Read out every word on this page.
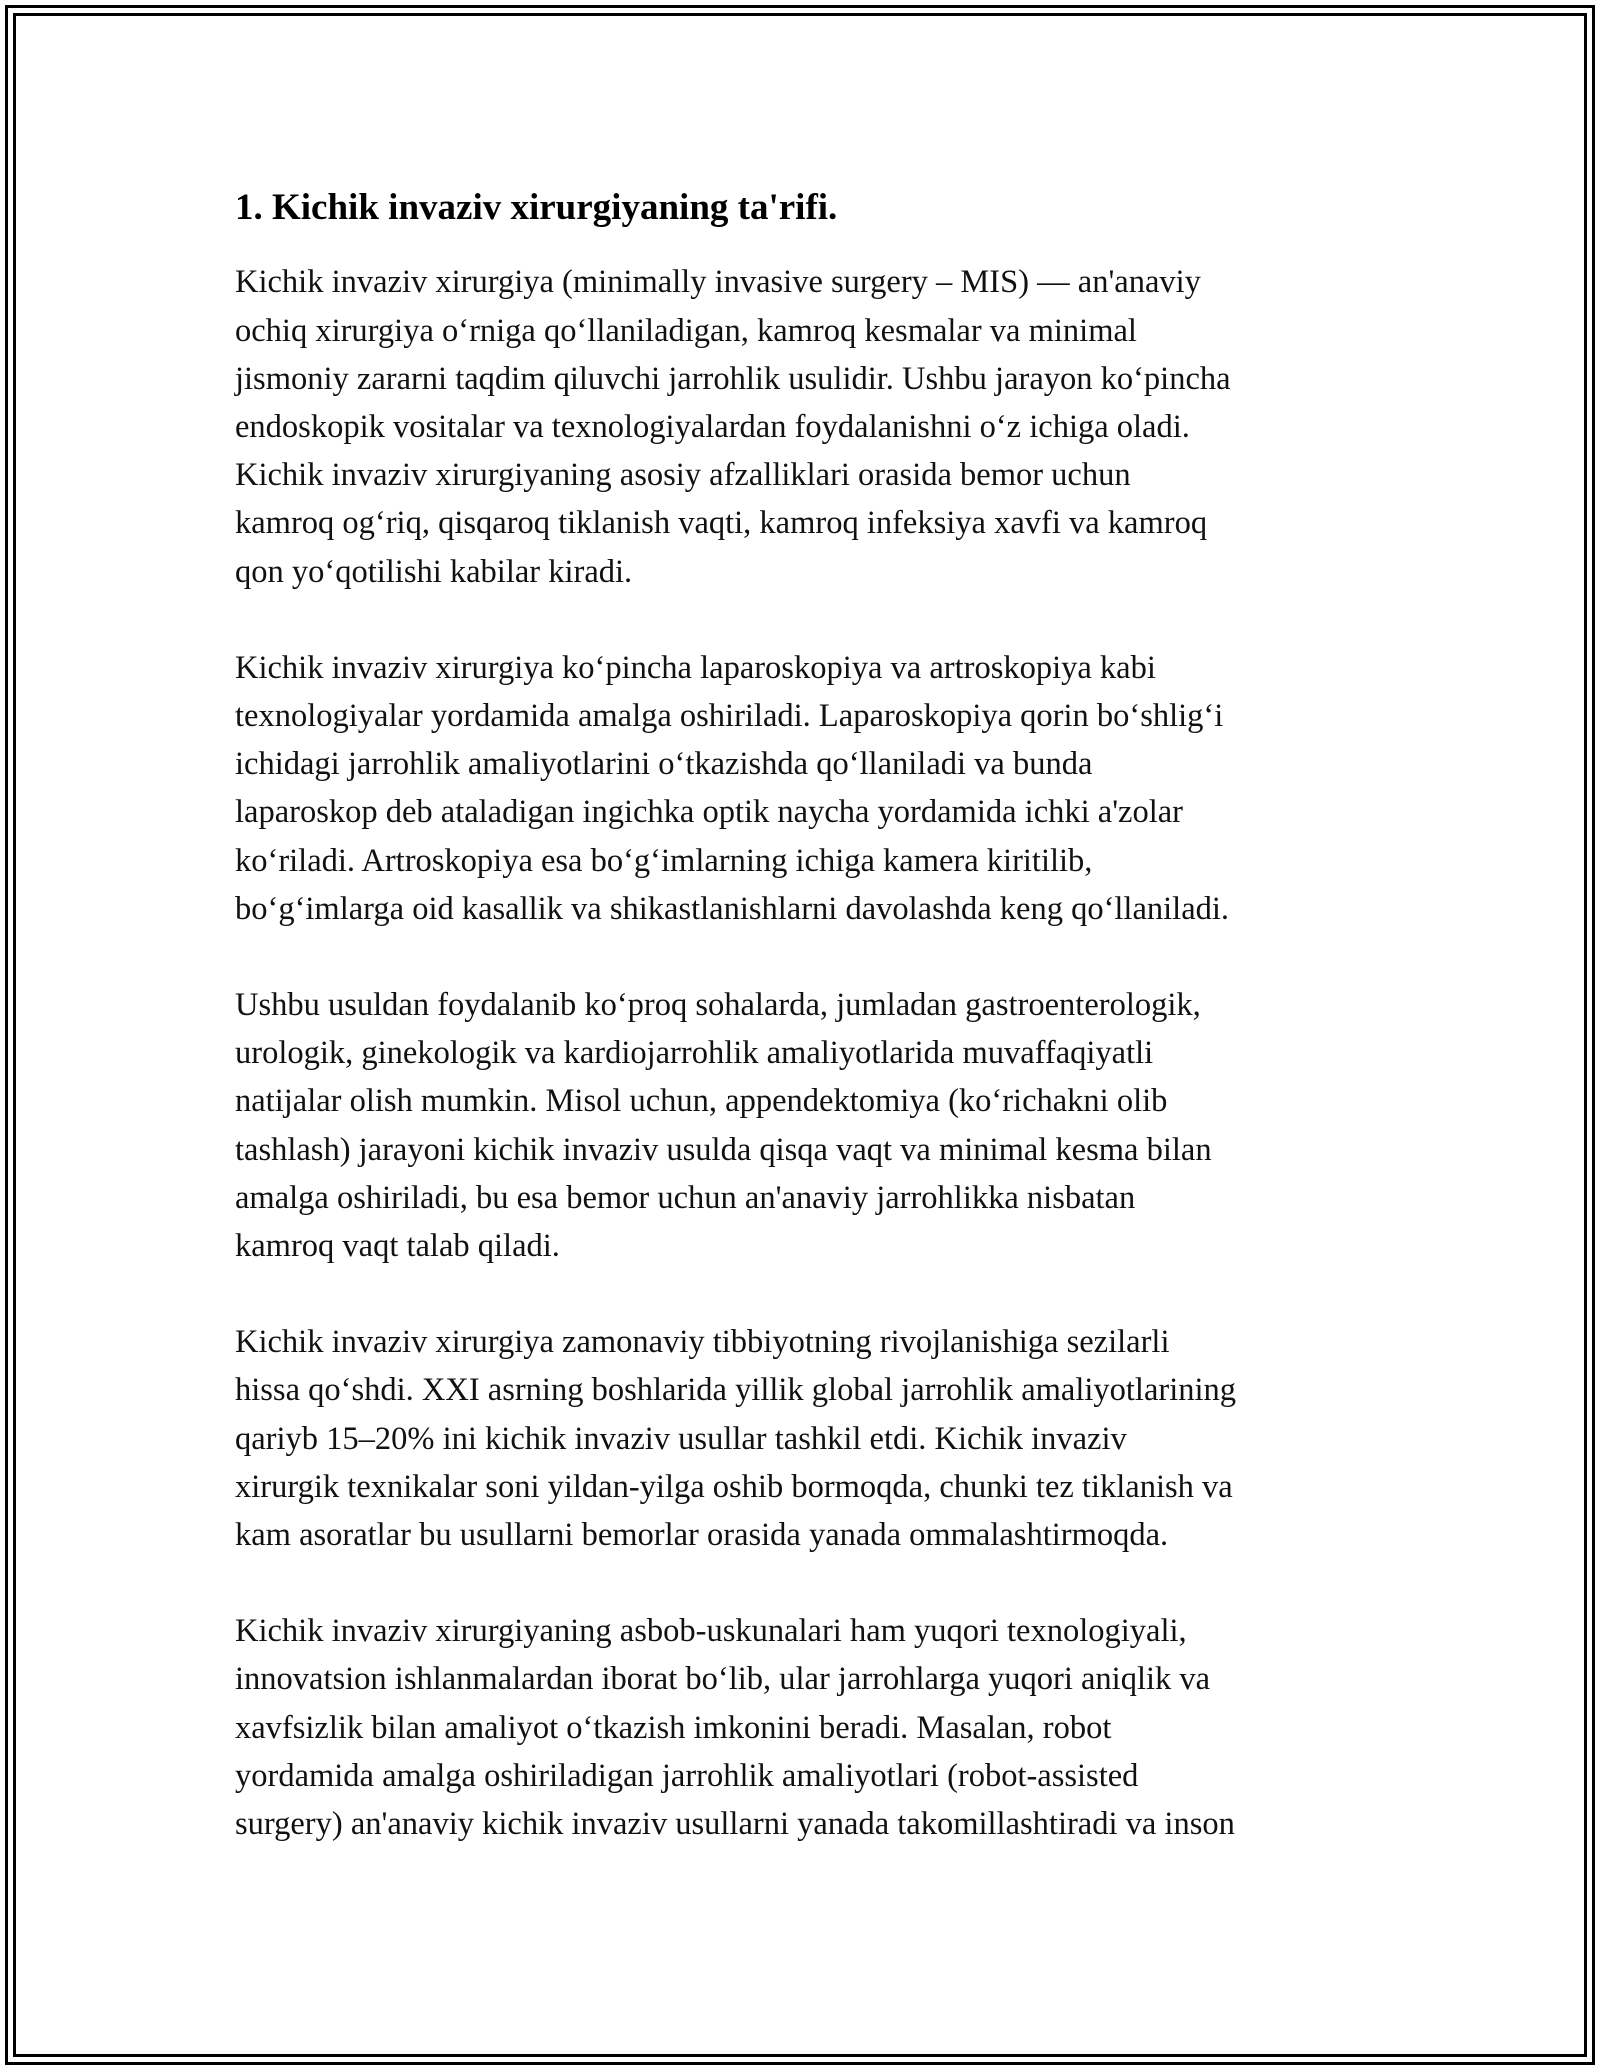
1. Kichik invaziv xirurgiyaning ta'rifi.
Kichik invaziv xirurgiya (minimally invasive surgery – MIS) — an'anaviy
ochiq xirurgiya oʻrniga qoʻllaniladigan, kamroq kesmalar va minimal
jismoniy zararni taqdim qiluvchi jarrohlik usulidir. Ushbu jarayon koʻpincha
endoskopik vositalar va texnologiyalardan foydalanishni oʻz ichiga oladi.
Kichik invaziv xirurgiyaning asosiy afzalliklari orasida bemor uchun
kamroq ogʻriq, qisqaroq tiklanish vaqti, kamroq infeksiya xavfi va kamroq
qon yoʻqotilishi kabilar kiradi.
Kichik invaziv xirurgiya koʻpincha laparoskopiya va artroskopiya kabi
texnologiyalar yordamida amalga oshiriladi. Laparoskopiya qorin boʻshligʻi
ichidagi jarrohlik amaliyotlarini oʻtkazishda qoʻllaniladi va bunda
laparoskop deb ataladigan ingichka optik naycha yordamida ichki a'zolar
koʻriladi. Artroskopiya esa boʻgʻimlarning ichiga kamera kiritilib,
boʻgʻimlarga oid kasallik va shikastlanishlarni davolashda keng qoʻllaniladi.
Ushbu usuldan foydalanib koʻproq sohalarda, jumladan gastroenterologik,
urologik, ginekologik va kardiojarrohlik amaliyotlarida muvaffaqiyatli
natijalar olish mumkin. Misol uchun, appendektomiya (koʻrichakni olib
tashlash) jarayoni kichik invaziv usulda qisqa vaqt va minimal kesma bilan
amalga oshiriladi, bu esa bemor uchun an'anaviy jarrohlikka nisbatan
kamroq vaqt talab qiladi.
Kichik invaziv xirurgiya zamonaviy tibbiyotning rivojlanishiga sezilarli
hissa qoʻshdi. XXI asrning boshlarida yillik global jarrohlik amaliyotlarining
qariyb 15–20% ini kichik invaziv usullar tashkil etdi. Kichik invaziv
xirurgik texnikalar soni yildan-yilga oshib bormoqda, chunki tez tiklanish va
kam asoratlar bu usullarni bemorlar orasida yanada ommalashtirmoqda.
Kichik invaziv xirurgiyaning asbob-uskunalari ham yuqori texnologiyali,
innovatsion ishlanmalardan iborat boʻlib, ular jarrohlarga yuqori aniqlik va
xavfsizlik bilan amaliyot oʻtkazish imkonini beradi. Masalan, robot
yordamida amalga oshiriladigan jarrohlik amaliyotlari (robot-assisted
surgery) an'anaviy kichik invaziv usullarni yanada takomillashtiradi va inson
